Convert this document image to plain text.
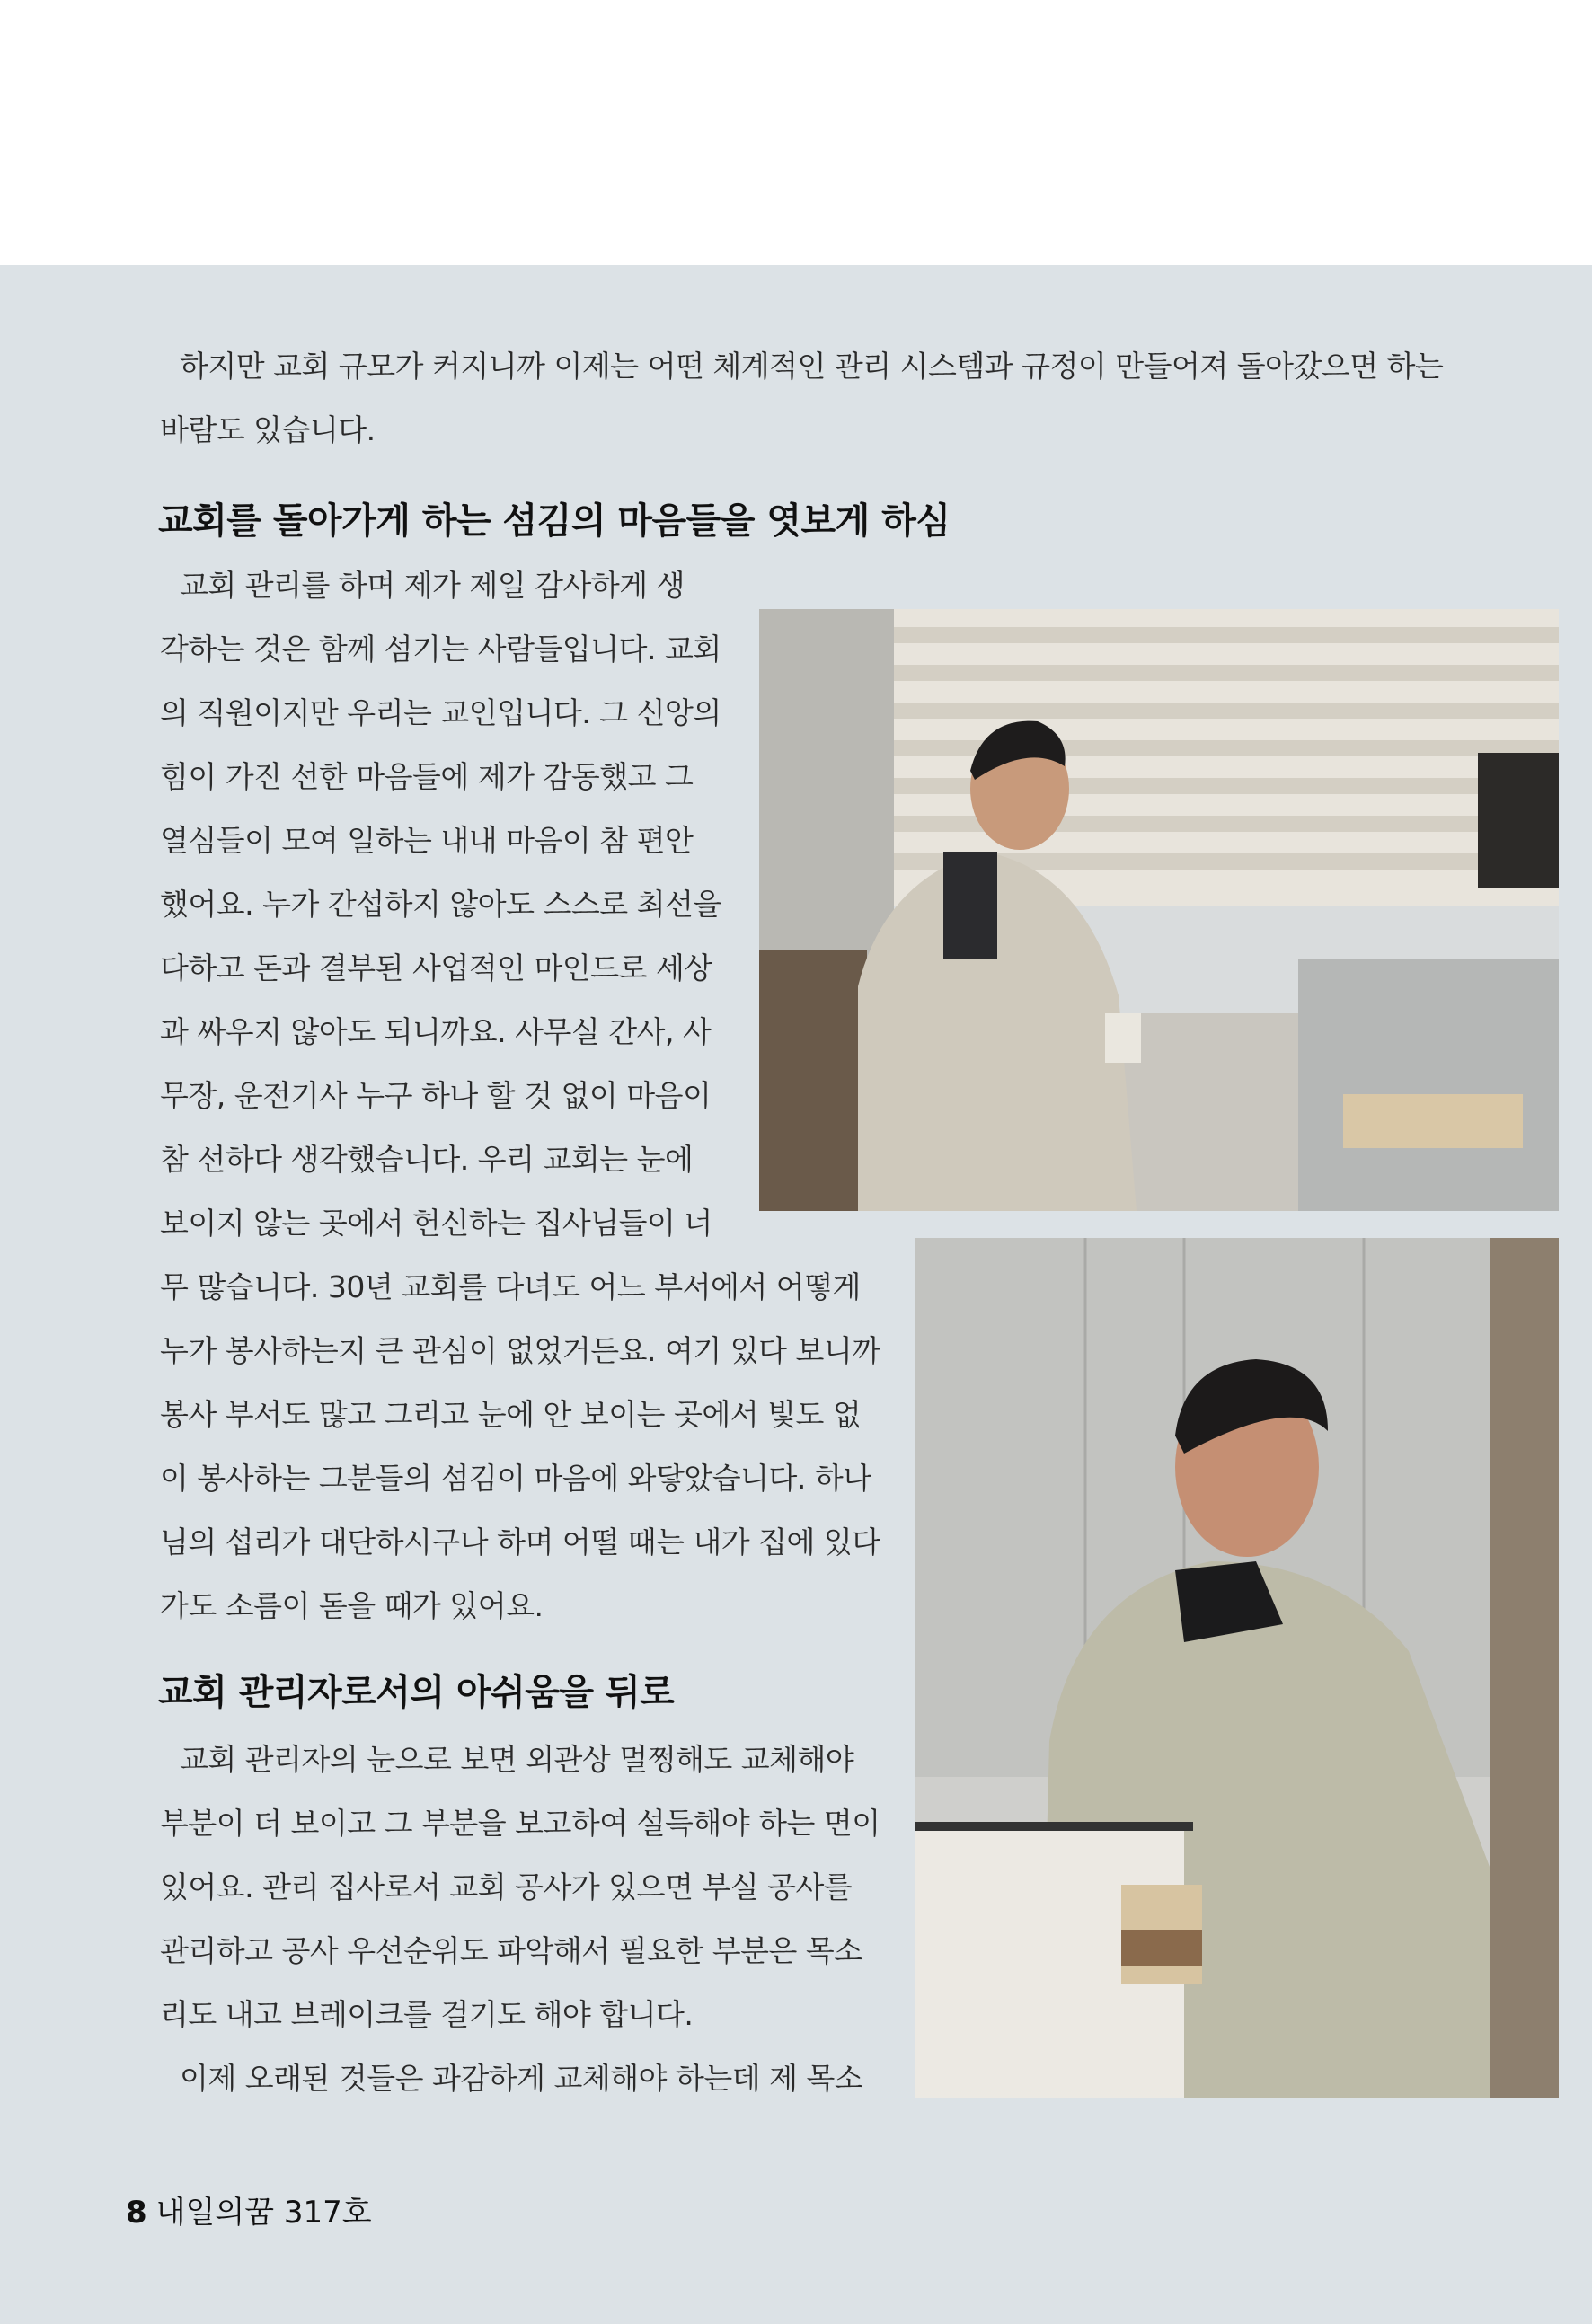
하지만 교회 규모가 커지니까 이제는 어떤 체계적인 관리 시스템과 규정이 만들어져 돌아갔으면 하는
바람도 있습니다.
교회를 돌아가게 하는 섬김의 마음들을 엿보게 하심
교회 관리를 하며 제가 제일 감사하게 생
각하는 것은 함께 섬기는 사람들입니다. 교회
의 직원이지만 우리는 교인입니다. 그 신앙의
힘이 가진 선한 마음들에 제가 감동했고 그
열심들이 모여 일하는 내내 마음이 참 편안
했어요. 누가 간섭하지 않아도 스스로 최선을
다하고 돈과 결부된 사업적인 마인드로 세상
과 싸우지 않아도 되니까요. 사무실 간사, 사
무장, 운전기사 누구 하나 할 것 없이 마음이
참 선하다 생각했습니다. 우리 교회는 눈에
보이지 않는 곳에서 헌신하는 집사님들이 너
무 많습니다. 30년 교회를 다녀도 어느 부서에서 어떻게
누가 봉사하는지 큰 관심이 없었거든요. 여기 있다 보니까
봉사 부서도 많고 그리고 눈에 안 보이는 곳에서 빛도 없
이 봉사하는 그분들의 섬김이 마음에 와닿았습니다. 하나
님의 섭리가 대단하시구나 하며 어떨 때는 내가 집에 있다
가도 소름이 돋을 때가 있어요.
교회 관리자로서의 아쉬움을 뒤로
교회 관리자의 눈으로 보면 외관상 멀쩡해도 교체해야
부분이 더 보이고 그 부분을 보고하여 설득해야 하는 면이
있어요. 관리 집사로서 교회 공사가 있으면 부실 공사를
관리하고 공사 우선순위도 파악해서 필요한 부분은 목소
리도 내고 브레이크를 걸기도 해야 합니다.
이제 오래된 것들은 과감하게 교체해야 하는데 제 목소
8 내일의꿈 317호
